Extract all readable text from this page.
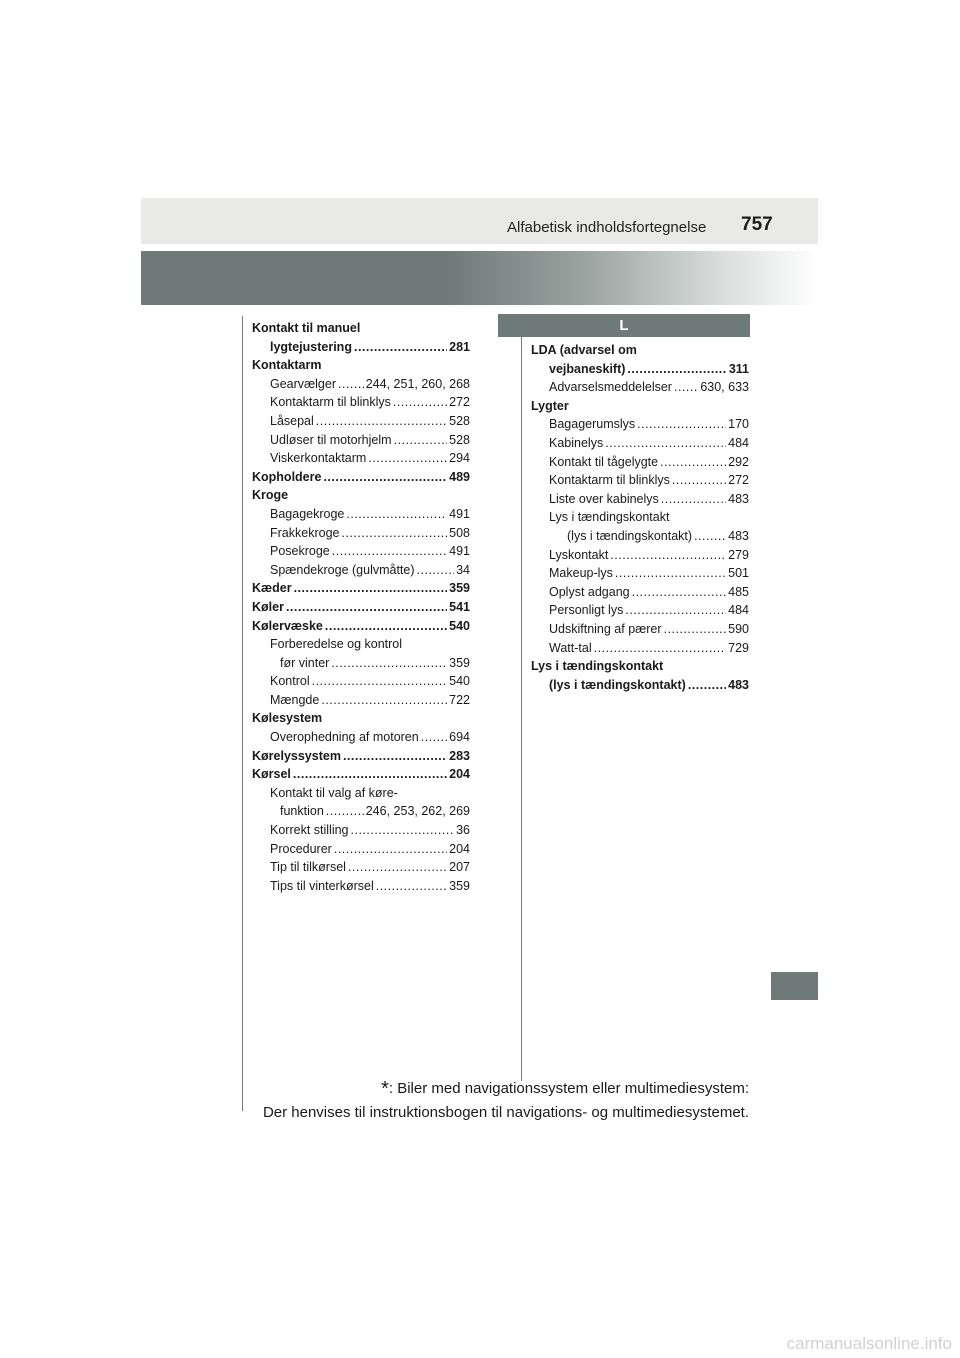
Alfabetisk indholdsfortegnelse 757
Kontakt til manuel
lygtejustering .....	281
Kontaktarm
Gearvælger ..... 244, 251, 260, 268
Kontaktarm til blinklys .....	272
Låsepal .....	528
Udløser til motorhjelm .....	528
Viskerkontaktarm .....	294
Kopholdere .....	489
Kroge
Bagagekroge .....	491
Frakkekroge .....	508
Posekroge .....	491
Spændekroge (gulvmåtte) .....	34
Kæder .....	359
Køler .....	541
Kølervæske .....	540
Forberedelse og kontrol
før vinter .....	359
Kontrol .....	540
Mængde .....	722
Kølesystem
Overophedning af motoren ..... 694
Kørelyssystem .....	283
Kørsel .....	204
Kontakt til valg af køre-
funktion .....	246, 253, 262, 269
Korrekt stilling .....	36
Procedurer .....	204
Tip til tilkørsel .....	207
Tips til vinterkørsel .....	359
L
LDA (advarsel om
vejbaneskift) .....	311
Advarselsmeddelelser ..... 630, 633
Lygter
Bagagerumslys .....	170
Kabinelys .....	484
Kontakt til tågelygte .....	292
Kontaktarm til blinklys .....	272
Liste over kabinelys .....	483
Lys i tændingskontakt
(lys i tændingskontakt) .....	483
Lyskontakt .....	279
Makeup-lys .....	501
Oplyst adgang .....	485
Personligt lys .....	484
Udskiftning af pærer .....	590
Watt-tal .....	729
Lys i tændingskontakt
(lys i tændingskontakt) .....	483
*: Biler med navigationssystem eller multimediesystem:
Der henvises til instruktionsbogen til navigations- og multimediesystemet.
carmanualsonline.info
